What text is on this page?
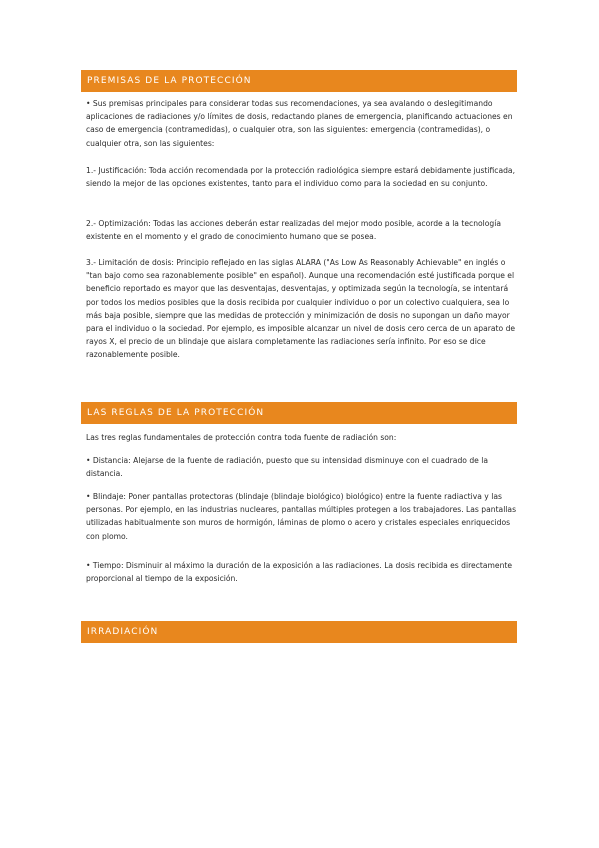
PREMISAS DE LA PROTECCIÓN

• Sus premisas principales para considerar todas sus recomendaciones, ya sea avalando o deslegitimando aplicaciones de radiaciones y/o límites de dosis, redactando planes de emergencia, planificando actuaciones en caso de emergencia (contramedidas), o cualquier otra, son las siguientes: emergencia (contramedidas), o cualquier otra, son las siguientes:

1.- Justificación: Toda acción recomendada por la protección radiológica siempre estará debidamente justificada, siendo la mejor de las opciones existentes, tanto para el individuo como para la sociedad en su conjunto.

2.- Optimización: Todas las acciones deberán estar realizadas del mejor modo posible, acorde a la tecnología existente en el momento y el grado de conocimiento humano que se posea.

3.- Limitación de dosis: Principio reflejado en las siglas ALARA ("As Low As Reasonably Achievable" en inglés o "tan bajo como sea razonablemente posible" en español). Aunque una recomendación esté justificada porque el beneficio reportado es mayor que las desventajas, desventajas, y optimizada según la tecnología, se intentará por todos los medios posibles que la dosis recibida por cualquier individuo o por un colectivo cualquiera, sea lo más baja posible, siempre que las medidas de protección y minimización de dosis no supongan un daño mayor para el individuo o la sociedad. Por ejemplo, es imposible alcanzar un nivel de dosis cero cerca de un aparato de rayos X, el precio de un blindaje que aislara completamente las radiaciones sería infinito. Por eso se dice razonablemente posible.

LAS REGLAS DE LA PROTECCIÓN

Las tres reglas fundamentales de protección contra toda fuente de radiación son:

• Distancia: Alejarse de la fuente de radiación, puesto que su intensidad disminuye con el cuadrado de la distancia.

• Blindaje: Poner pantallas protectoras (blindaje (blindaje biológico) biológico) entre la fuente radiactiva y las personas. Por ejemplo, en las industrias nucleares, pantallas múltiples protegen a los trabajadores. Las pantallas utilizadas habitualmente son muros de hormigón, láminas de plomo o acero y cristales especiales enriquecidos con plomo.

• Tiempo: Disminuir al máximo la duración de la exposición a las radiaciones. La dosis recibida es directamente proporcional al tiempo de la exposición.

IRRADIACIÓN
